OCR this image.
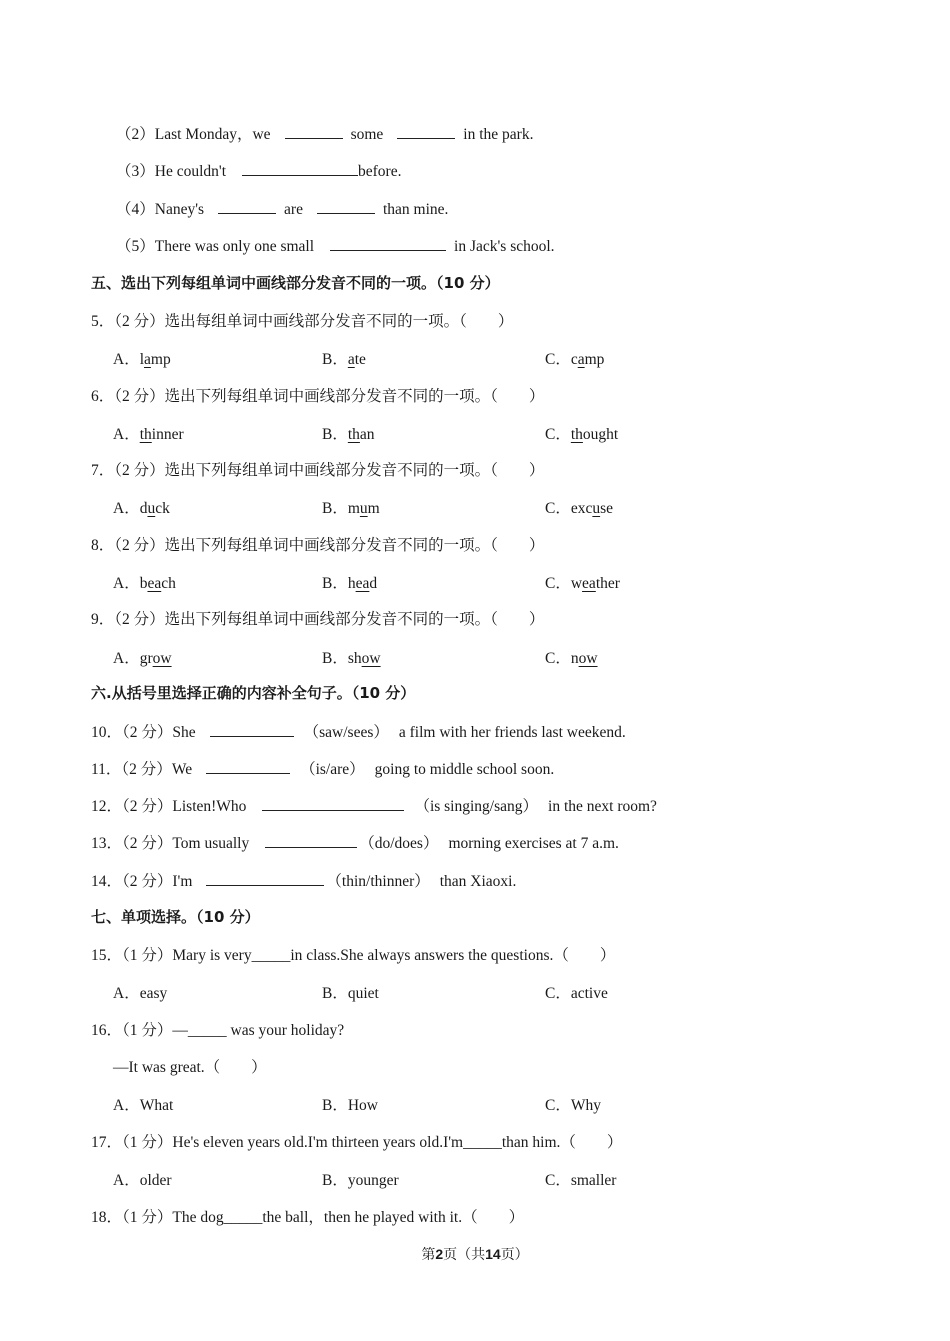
（2）Last Monday，we	some	in the park.
（3）He couldn't	before.
（4）Naney's	are	than mine.
（5）There was only one small	in Jack's school.
五、选出下列每组单词中画线部分发音不同的一项。（10 分）
5．（2 分）选出每组单词中画线部分发音不同的一项。（　　）
A．lamp	B．ate	C．camp
6．（2 分）选出下列每组单词中画线部分发音不同的一项。（　　）
A．thinner	B．than	C．thought
7．（2 分）选出下列每组单词中画线部分发音不同的一项。（　　）
A．duck	B．mum	C．excuse
8．（2 分）选出下列每组单词中画线部分发音不同的一项。（　　）
A．beach	B．head	C．weather
9．（2 分）选出下列每组单词中画线部分发音不同的一项。（　　）
A．grow	B．show	C．now
六.从括号里选择正确的内容补全句子。（10 分）
10．（2 分）She	（saw/sees） a film with her friends last weekend.
11．（2 分）We	（is/are） going to middle school soon.
12．（2 分）Listen!Who	（is singing/sang） in the next room?
13．（2 分）Tom usually	（do/does） morning exercises at 7 a.m.
14．（2 分）I'm	（thin/thinner） than Xiaoxi.
七、单项选择。（10 分）
15．（1 分）Mary is very_____in class.She always answers the questions.（　　）
A．easy	B．quiet	C．active
16．（1 分）—_____ was your holiday?
—It was great.（　　）
A．What	B．How	C．Why
17．（1 分）He's eleven years old.I'm thirteen years old.I'm_____than him.（　　）
A．older	B．younger	C．smaller
18．（1 分）The dog_____the ball，then he played with it.（　　）
第2页（共14页）
